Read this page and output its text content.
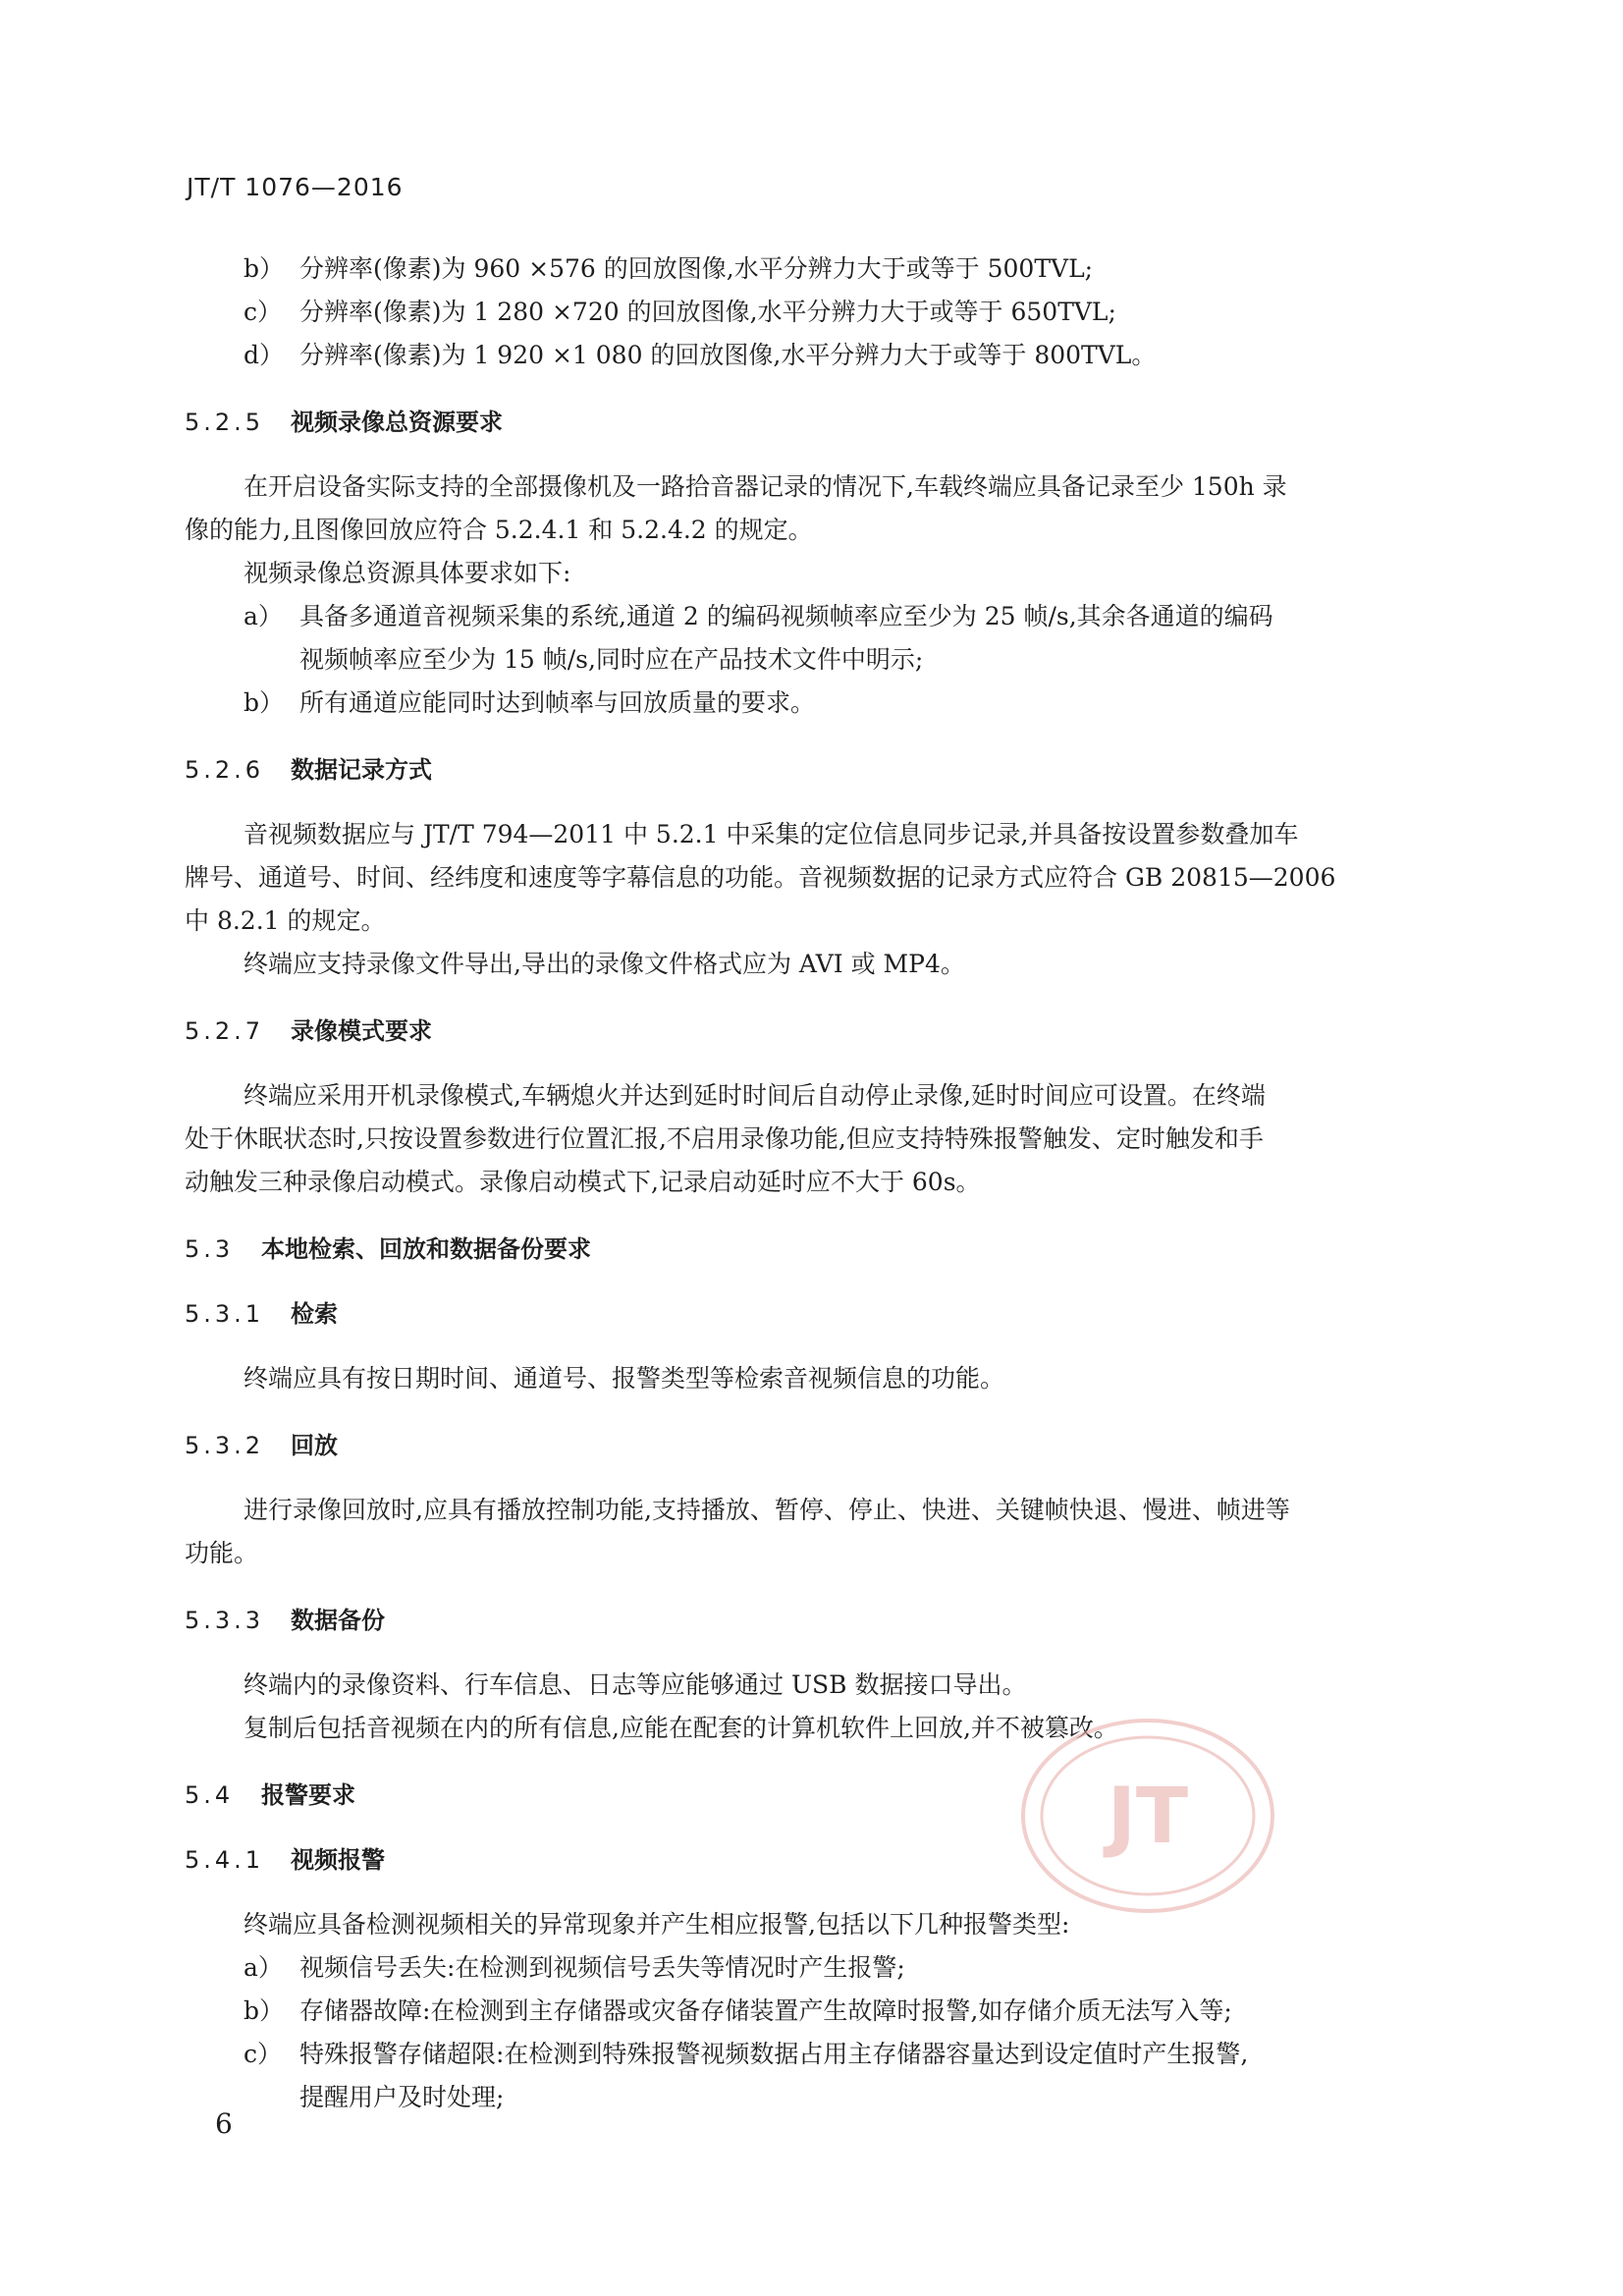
JT/T 1076—2016
b） 分辨率(像素)为 960 ×576 的回放图像,水平分辨力大于或等于 500TVL;
c） 分辨率(像素)为 1 280 ×720 的回放图像,水平分辨力大于或等于 650TVL;
d） 分辨率(像素)为 1 920 ×1 080 的回放图像,水平分辨力大于或等于 800TVL。
5.2.5 视频录像总资源要求
在开启设备实际支持的全部摄像机及一路拾音器记录的情况下,车载终端应具备记录至少 150h 录
像的能力,且图像回放应符合 5.2.4.1 和 5.2.4.2 的规定。
视频录像总资源具体要求如下:
a） 具备多通道音视频采集的系统,通道 2 的编码视频帧率应至少为 25 帧/s,其余各通道的编码
视频帧率应至少为 15 帧/s,同时应在产品技术文件中明示;
b） 所有通道应能同时达到帧率与回放质量的要求。
5.2.6 数据记录方式
音视频数据应与 JT/T 794—2011 中 5.2.1 中采集的定位信息同步记录,并具备按设置参数叠加车
牌号、通道号、时间、经纬度和速度等字幕信息的功能。音视频数据的记录方式应符合 GB 20815—2006
中 8.2.1 的规定。
终端应支持录像文件导出,导出的录像文件格式应为 AVI 或 MP4。
5.2.7 录像模式要求
终端应采用开机录像模式,车辆熄火并达到延时时间后自动停止录像,延时时间应可设置。在终端
处于休眠状态时,只按设置参数进行位置汇报,不启用录像功能,但应支持特殊报警触发、定时触发和手
动触发三种录像启动模式。录像启动模式下,记录启动延时应不大于 60s。
5.3 本地检索、回放和数据备份要求
5.3.1 检索
终端应具有按日期时间、通道号、报警类型等检索音视频信息的功能。
5.3.2 回放
进行录像回放时,应具有播放控制功能,支持播放、暂停、停止、快进、关键帧快退、慢进、帧进等
功能。
5.3.3 数据备份
终端内的录像资料、行车信息、日志等应能够通过 USB 数据接口导出。
复制后包括音视频在内的所有信息,应能在配套的计算机软件上回放,并不被篡改。
5.4 报警要求
5.4.1 视频报警
终端应具备检测视频相关的异常现象并产生相应报警,包括以下几种报警类型:
a） 视频信号丢失:在检测到视频信号丢失等情况时产生报警;
b） 存储器故障:在检测到主存储器或灾备存储装置产生故障时报警,如存储介质无法写入等;
c） 特殊报警存储超限:在检测到特殊报警视频数据占用主存储器容量达到设定值时产生报警,
提醒用户及时处理;
JT
6
